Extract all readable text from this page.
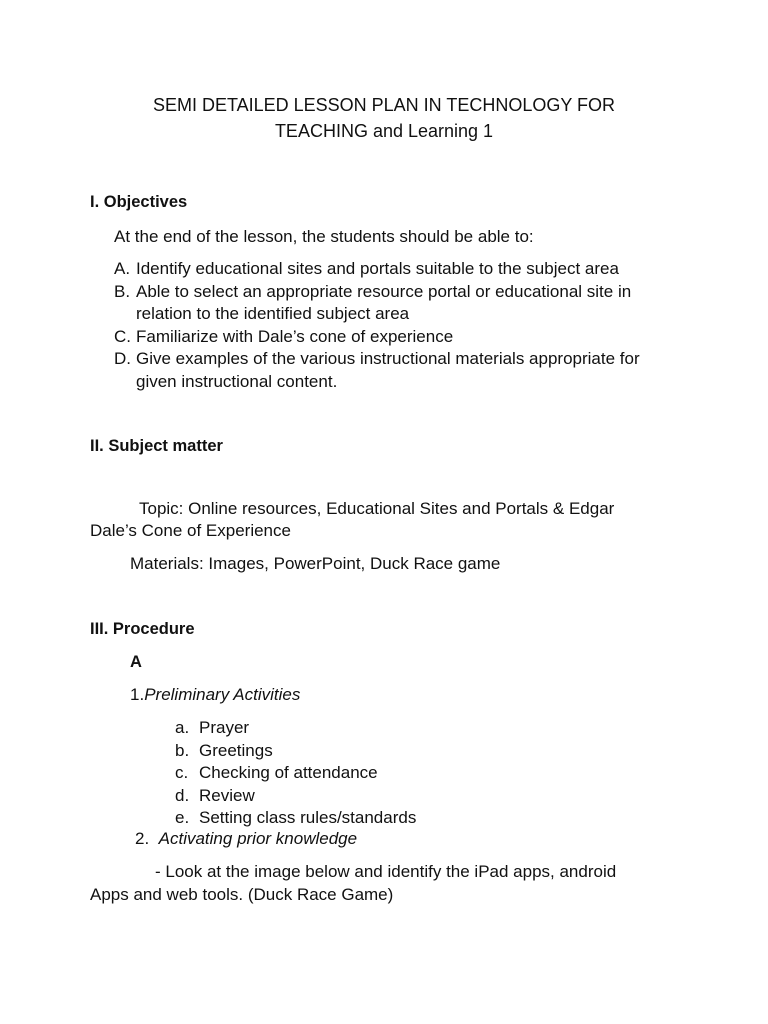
SEMI DETAILED LESSON PLAN IN TECHNOLOGY FOR
TEACHING and Learning 1
I. Objectives
At the end of the lesson, the students should be able to:
A. Identify educational sites and portals suitable to the subject area
B. Able to select an appropriate resource portal or educational site in
relation to the identified subject area
C. Familiarize with Dale’s cone of experience
D. Give examples of the various instructional materials appropriate for
given instructional content.
II. Subject matter
Topic: Online resources, Educational Sites and Portals & Edgar
Dale’s Cone of Experience
Materials: Images, PowerPoint, Duck Race game
III. Procedure
A
1.Preliminary Activities
a. Prayer
b. Greetings
c. Checking of attendance
d. Review
e. Setting class rules/standards
2. Activating prior knowledge
- Look at the image below and identify the iPad apps, android
Apps and web tools. (Duck Race Game)
